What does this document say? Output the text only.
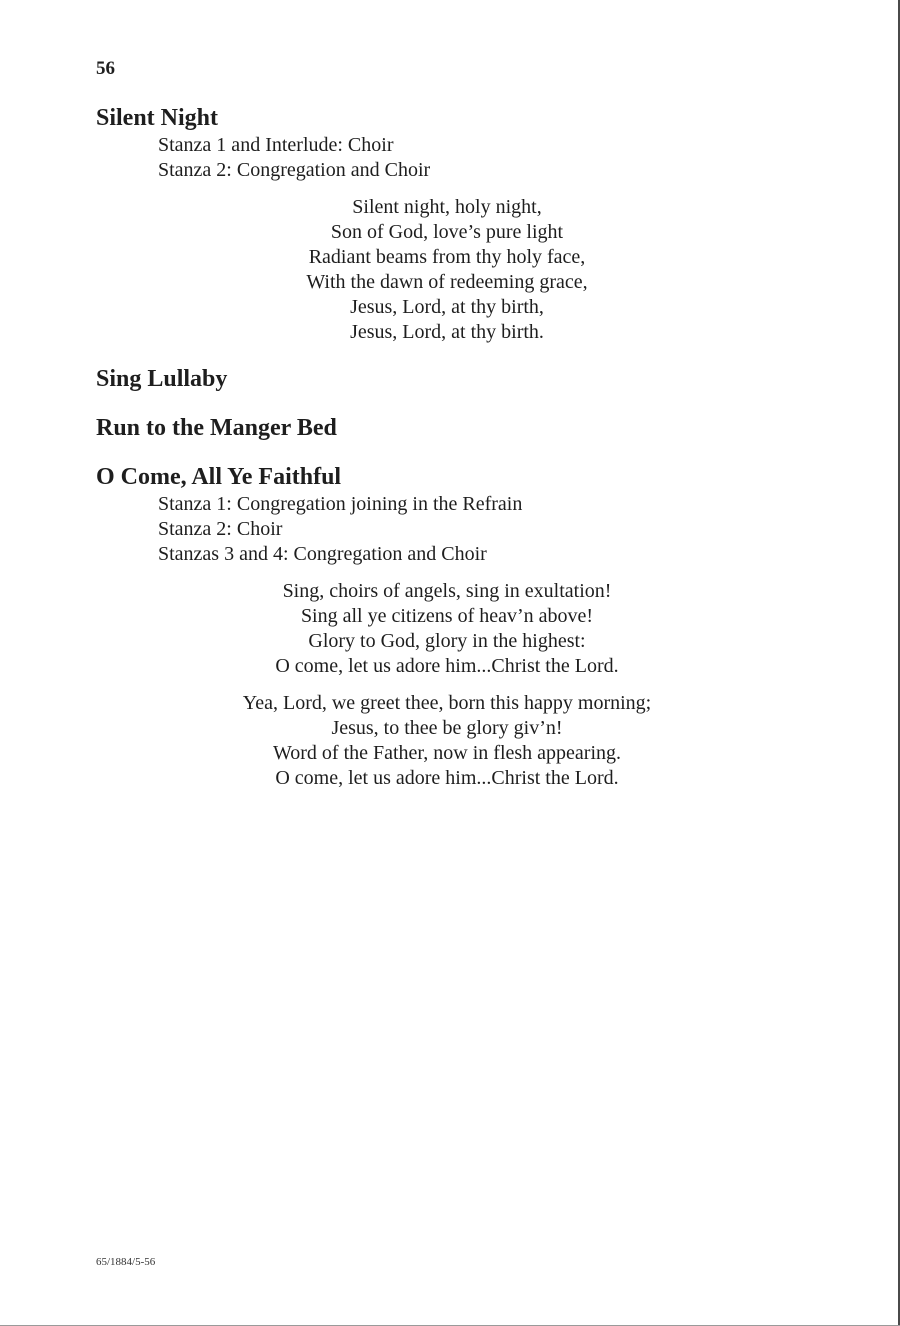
56
Silent Night
Stanza 1 and Interlude: Choir
Stanza 2: Congregation and Choir
Silent night, holy night,
Son of God, love’s pure light
Radiant beams from thy holy face,
With the dawn of redeeming grace,
Jesus, Lord, at thy birth,
Jesus, Lord, at thy birth.
Sing Lullaby
Run to the Manger Bed
O Come, All Ye Faithful
Stanza 1: Congregation joining in the Refrain
Stanza 2: Choir
Stanzas 3 and 4: Congregation and Choir
Sing, choirs of angels, sing in exultation!
Sing all ye citizens of heav’n above!
Glory to God, glory in the highest:
O come, let us adore him...Christ the Lord.
Yea, Lord, we greet thee, born this happy morning;
Jesus, to thee be glory giv’n!
Word of the Father, now in flesh appearing.
O come, let us adore him...Christ the Lord.
65/1884/5-56
